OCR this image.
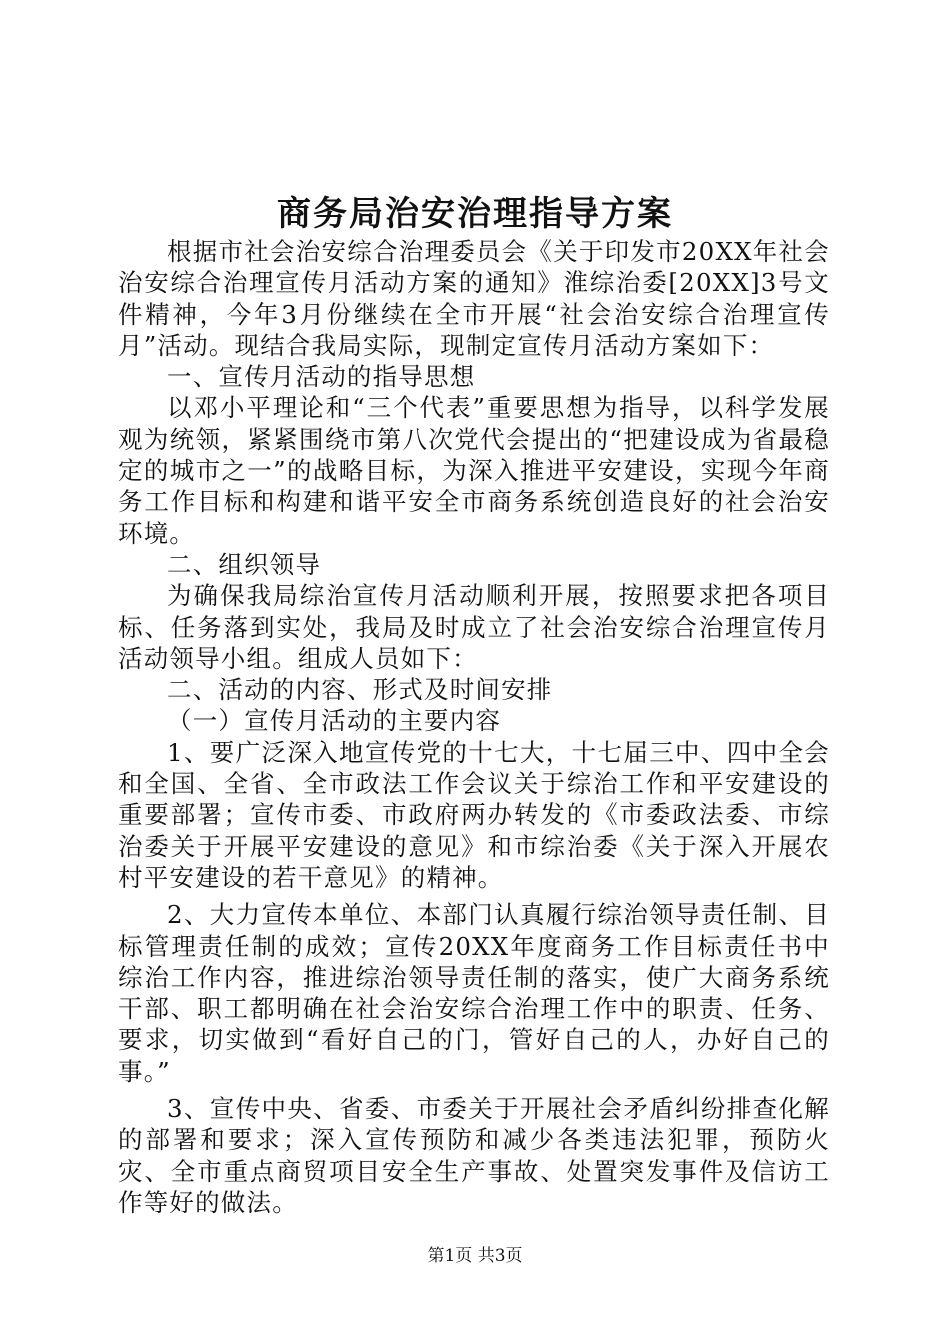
商务局治安治理指导方案

根据市社会治安综合治理委员会《关于印发市20XX年社会治安综合治理宣传月活动方案的通知》淮综治委[20XX]3号文件精神，今年3月份继续在全市开展“社会治安综合治理宣传月”活动。现结合我局实际，现制定宣传月活动方案如下：

一、宣传月活动的指导思想

以邓小平理论和“三个代表”重要思想为指导，以科学发展观为统领，紧紧围绕市第八次党代会提出的“把建设成为省最稳定的城市之一”的战略目标，为深入推进平安建设，实现今年商务工作目标和构建和谐平安全市商务系统创造良好的社会治安环境。

二、组织领导

为确保我局综治宣传月活动顺利开展，按照要求把各项目标、任务落到实处，我局及时成立了社会治安综合治理宣传月活动领导小组。组成人员如下：

二、活动的内容、形式及时间安排

（一）宣传月活动的主要内容

1、要广泛深入地宣传党的十七大，十七届三中、四中全会和全国、全省、全市政法工作会议关于综治工作和平安建设的重要部署；宣传市委、市政府两办转发的《市委政法委、市综治委关于开展平安建设的意见》和市综治委《关于深入开展农村平安建设的若干意见》的精神。

2、大力宣传本单位、本部门认真履行综治领导责任制、目标管理责任制的成效；宣传20XX年度商务工作目标责任书中综治工作内容，推进综治领导责任制的落实，使广大商务系统干部、职工都明确在社会治安综合治理工作中的职责、任务、要求，切实做到“看好自己的门，管好自己的人，办好自己的事。”

3、宣传中央、省委、市委关于开展社会矛盾纠纷排查化解的部署和要求；深入宣传预防和减少各类违法犯罪，预防火灾、全市重点商贸项目安全生产事故、处置突发事件及信访工作等好的做法。

第1页 共3页
